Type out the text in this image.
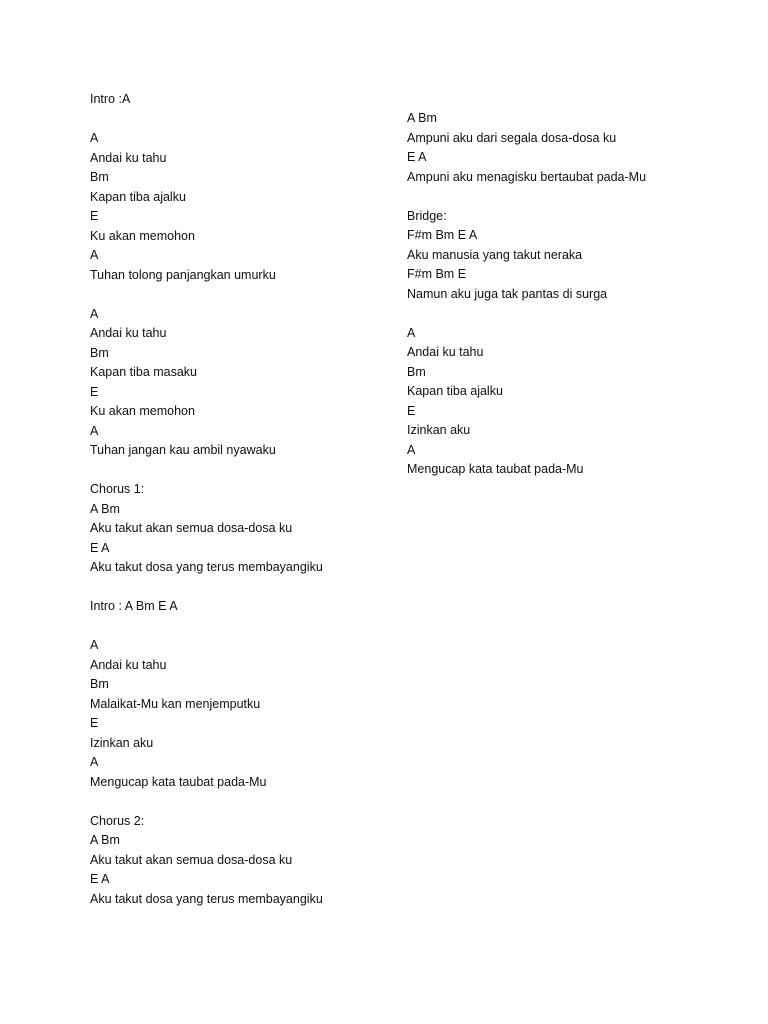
Intro :A
A
Andai ku tahu
Bm
Kapan tiba ajalku
E
Ku akan memohon
A
Tuhan tolong panjangkan umurku
A
Andai ku tahu
Bm
Kapan tiba masaku
E
Ku akan memohon
A
Tuhan jangan kau ambil nyawaku
Chorus 1:
A Bm
Aku takut akan semua dosa-dosa ku
E A
Aku takut dosa yang terus membayangiku
Intro : A Bm E A
A
Andai ku tahu
Bm
Malaikat-Mu kan menjemputku
E
Izinkan aku
A
Mengucap kata taubat pada-Mu
Chorus 2:
A Bm
Aku takut akan semua dosa-dosa ku
E A
Aku takut dosa yang terus membayangiku
A Bm
Ampuni aku dari segala dosa-dosa ku
E A
Ampuni aku menagisku bertaubat pada-Mu
Bridge:
F#m Bm E A
Aku manusia yang takut neraka
F#m Bm E
Namun aku juga tak pantas di surga
A
Andai ku tahu
Bm
Kapan tiba ajalku
E
Izinkan aku
A
Mengucap kata taubat pada-Mu
